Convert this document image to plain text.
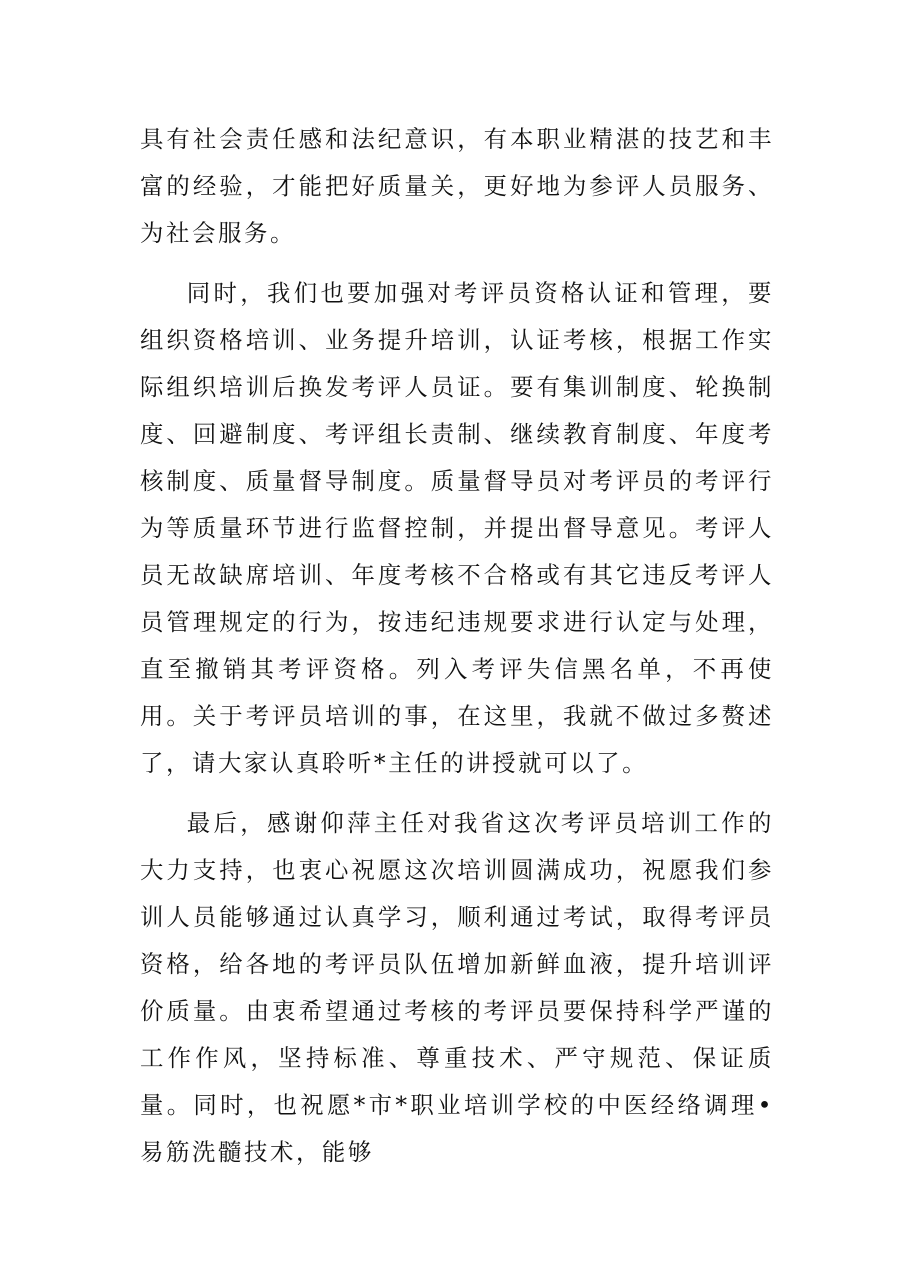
具有社会责任感和法纪意识，有本职业精湛的技艺和丰富的经验，才能把好质量关，更好地为参评人员服务、为社会服务。

同时，我们也要加强对考评员资格认证和管理，要组织资格培训、业务提升培训，认证考核，根据工作实际组织培训后换发考评人员证。要有集训制度、轮换制度、回避制度、考评组长责制、继续教育制度、年度考核制度、质量督导制度。质量督导员对考评员的考评行为等质量环节进行监督控制，并提出督导意见。考评人员无故缺席培训、年度考核不合格或有其它违反考评人员管理规定的行为，按违纪违规要求进行认定与处理，直至撤销其考评资格。列入考评失信黑名单，不再使用。关于考评员培训的事，在这里，我就不做过多赘述了，请大家认真聆听*主任的讲授就可以了。

最后，感谢仰萍主任对我省这次考评员培训工作的大力支持，也衷心祝愿这次培训圆满成功，祝愿我们参训人员能够通过认真学习，顺利通过考试，取得考评员资格，给各地的考评员队伍增加新鲜血液，提升培训评价质量。由衷希望通过考核的考评员要保持科学严谨的工作作风，坚持标准、尊重技术、严守规范、保证质量。同时，也祝愿*市*职业培训学校的中医经络调理•易筋洗髓技术，能够
